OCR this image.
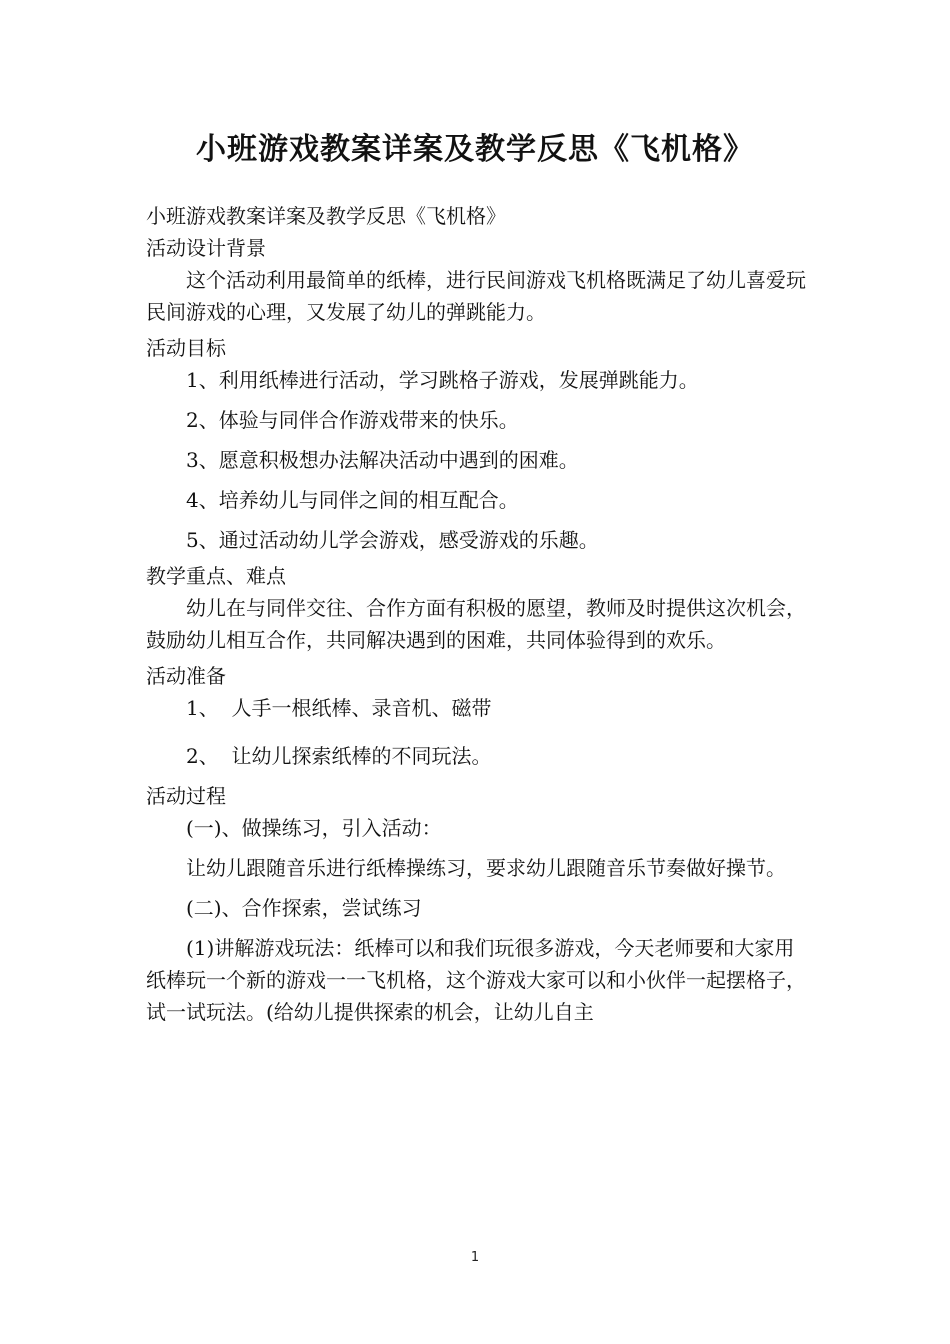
小班游戏教案详案及教学反思《飞机格》

小班游戏教案详案及教学反思《飞机格》

活动设计背景

这个活动利用最简单的纸棒，进行民间游戏飞机格既满足了幼儿喜爱玩民间游戏的心理，又发展了幼儿的弹跳能力。

活动目标

1、利用纸棒进行活动，学习跳格子游戏，发展弹跳能力。

2、体验与同伴合作游戏带来的快乐。

3、愿意积极想办法解决活动中遇到的困难。

4、培养幼儿与同伴之间的相互配合。

5、通过活动幼儿学会游戏，感受游戏的乐趣。

教学重点、难点

幼儿在与同伴交往、合作方面有积极的愿望，教师及时提供这次机会，鼓励幼儿相互合作，共同解决遇到的困难，共同体验得到的欢乐。

活动准备

1、  人手一根纸棒、录音机、磁带

2、  让幼儿探索纸棒的不同玩法。

活动过程

(一)、做操练习，引入活动：

让幼儿跟随音乐进行纸棒操练习，要求幼儿跟随音乐节奏做好操节。

(二)、合作探索，尝试练习

(1)讲解游戏玩法：纸棒可以和我们玩很多游戏，今天老师要和大家用纸棒玩一个新的游戏一一飞机格，这个游戏大家可以和小伙伴一起摆格子，试一试玩法。(给幼儿提供探索的机会，让幼儿自主

1
